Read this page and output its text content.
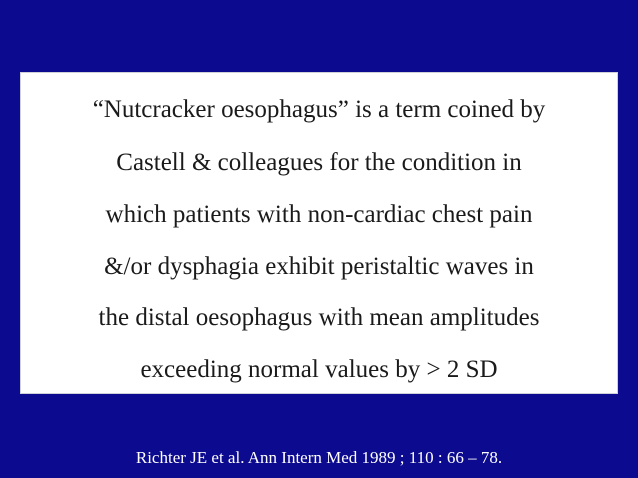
“Nutcracker oesophagus” is a term coined by
Castell & colleagues for the condition in
which patients with non-cardiac chest pain
&/or dysphagia exhibit peristaltic waves in
the distal oesophagus with mean amplitudes
exceeding normal values by > 2 SD
Richter JE et al. Ann Intern Med 1989 ; 110 : 66 – 78.
